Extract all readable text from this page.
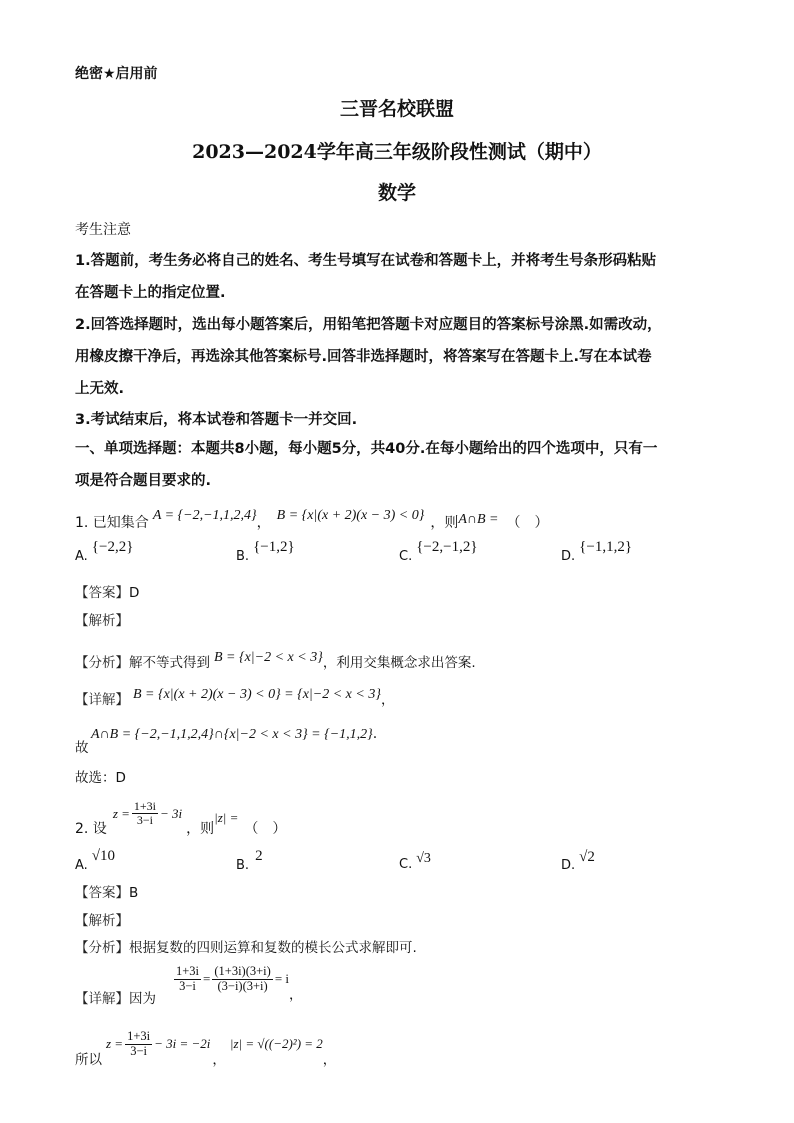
绝密★启用前
三晋名校联盟
2023—2024学年高三年级阶段性测试（期中）
数学
考生注意
1.答题前，考生务必将自己的姓名、考生号填写在试卷和答题卡上，并将考生号条形码粘贴
在答题卡上的指定位置.
2.回答选择题时，选出每小题答案后，用铅笔把答题卡对应题目的答案标号涂黑.如需改动，
用橡皮擦干净后，再选涂其他答案标号.回答非选择题时，将答案写在答题卡上.写在本试卷
上无效.
3.考试结束后，将本试卷和答题卡一并交回.
一、单项选择题：本题共8小题，每小题5分，共40分.在每小题给出的四个选项中，只有一
项是符合题目要求的.
1. 已知集合 A = {−2,−1,1,2,4}， B = {x|(x + 2)(x − 3) < 0} ，则A∩B = （　）
A.{−2,2}
B.{−1,2}
C.{−2,−1,2}
D.{−1,1,2}
【答案】D
【解析】
【分析】解不等式得到 B = {x|−2 < x < 3}，利用交集概念求出答案.
【详解】 B = {x|(x + 2)(x − 3) < 0} = {x|−2 < x < 3}，
故
A∩B = {−2,−1,1,2,4}∩{x|−2 < x < 3} = {−1,1,2}.
故选：D
2. 设
$z = \frac{1+3i}{3-i} - 3i$
，则
|z| =
（　）
A.√10
B.2
C. √3	D.√2
【答案】B
【解析】
【分析】根据复数的四则运算和复数的模长公式求解即可.
【详解】 因为
$\frac{1+3i}{3-i} = \frac{(1+3i)(3+i)}{(3-i)(3+i)} = i$
，
所以
$z = \frac{1+3i}{3-i} - 3i = -2i$
，
|z| = √((−2)²) = 2
，
